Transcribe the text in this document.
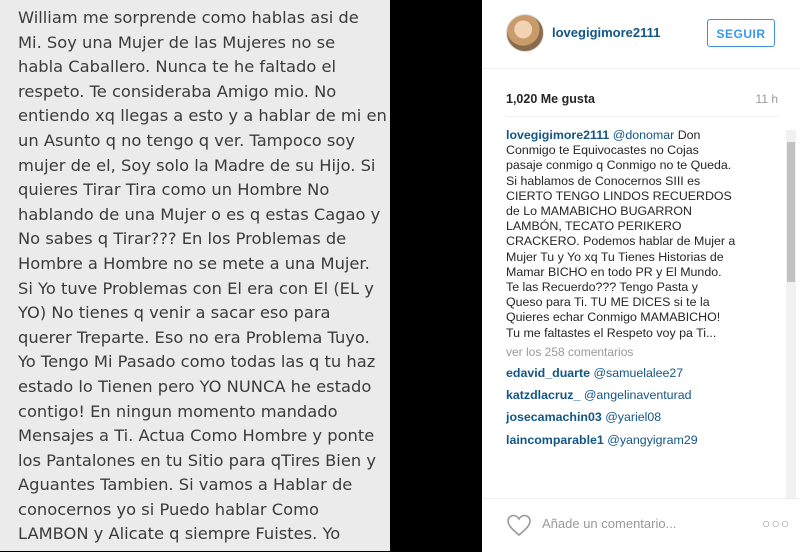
William me sorprende como hablas asi de
Mi. Soy una Mujer de las Mujeres no se
habla Caballero. Nunca te he faltado el
respeto. Te consideraba Amigo mio. No
entiendo xq llegas a esto y a hablar de mi en
un Asunto q no tengo q ver. Tampoco soy
mujer de el, Soy solo la Madre de su Hijo. Si
quieres Tirar Tira como un Hombre No
hablando de una Mujer o es q estas Cagao y
No sabes q Tirar??? En los Problemas de
Hombre a Hombre no se mete a una Mujer.
Si Yo tuve Problemas con El era con El (EL y
YO) No tienes q venir a sacar eso para
querer Treparte. Eso no era Problema Tuyo.
Yo Tengo Mi Pasado como todas las q tu haz
estado lo Tienen pero YO NUNCA he estado
contigo! En ningun momento mandado
Mensajes a Ti. Actua Como Hombre y ponte
los Pantalones en tu Sitio para qTires Bien y
Aguantes Tambien. Si vamos a Hablar de
conocernos yo si Puedo hablar Como
LAMBON y Alicate q siempre Fuistes. Yo
lovegigimore2111	SEGUIR
1,020 Me gusta	11 h
lovegigimore2111 @donomar Don
Conmigo te Equivocastes no Cojas
pasaje conmigo q Conmigo no te Queda.
Si hablamos de Conocernos SIII es
CIERTO TENGO LINDOS RECUERDOS
de Lo MAMABICHO BUGARRON
LAMBÓN, TECATO PERIKERO
CRACKERO. Podemos hablar de Mujer a
Mujer Tu y Yo xq Tu Tienes Historias de
Mamar BICHO en todo PR y El Mundo.
Te las Recuerdo??? Tengo Pasta y
Queso para Ti. TU ME DICES si te la
Quieres echar Conmigo MAMABICHO!
Tu me faltastes el Respeto voy pa Ti...
ver los 258 comentarios
edavid_duarte @samuelalee27
katzdlacruz_ @angelinaventurad
josecamachin03 @yariel08
laincomparable1 @yangyigram29
Añade un comentario...	○○○
